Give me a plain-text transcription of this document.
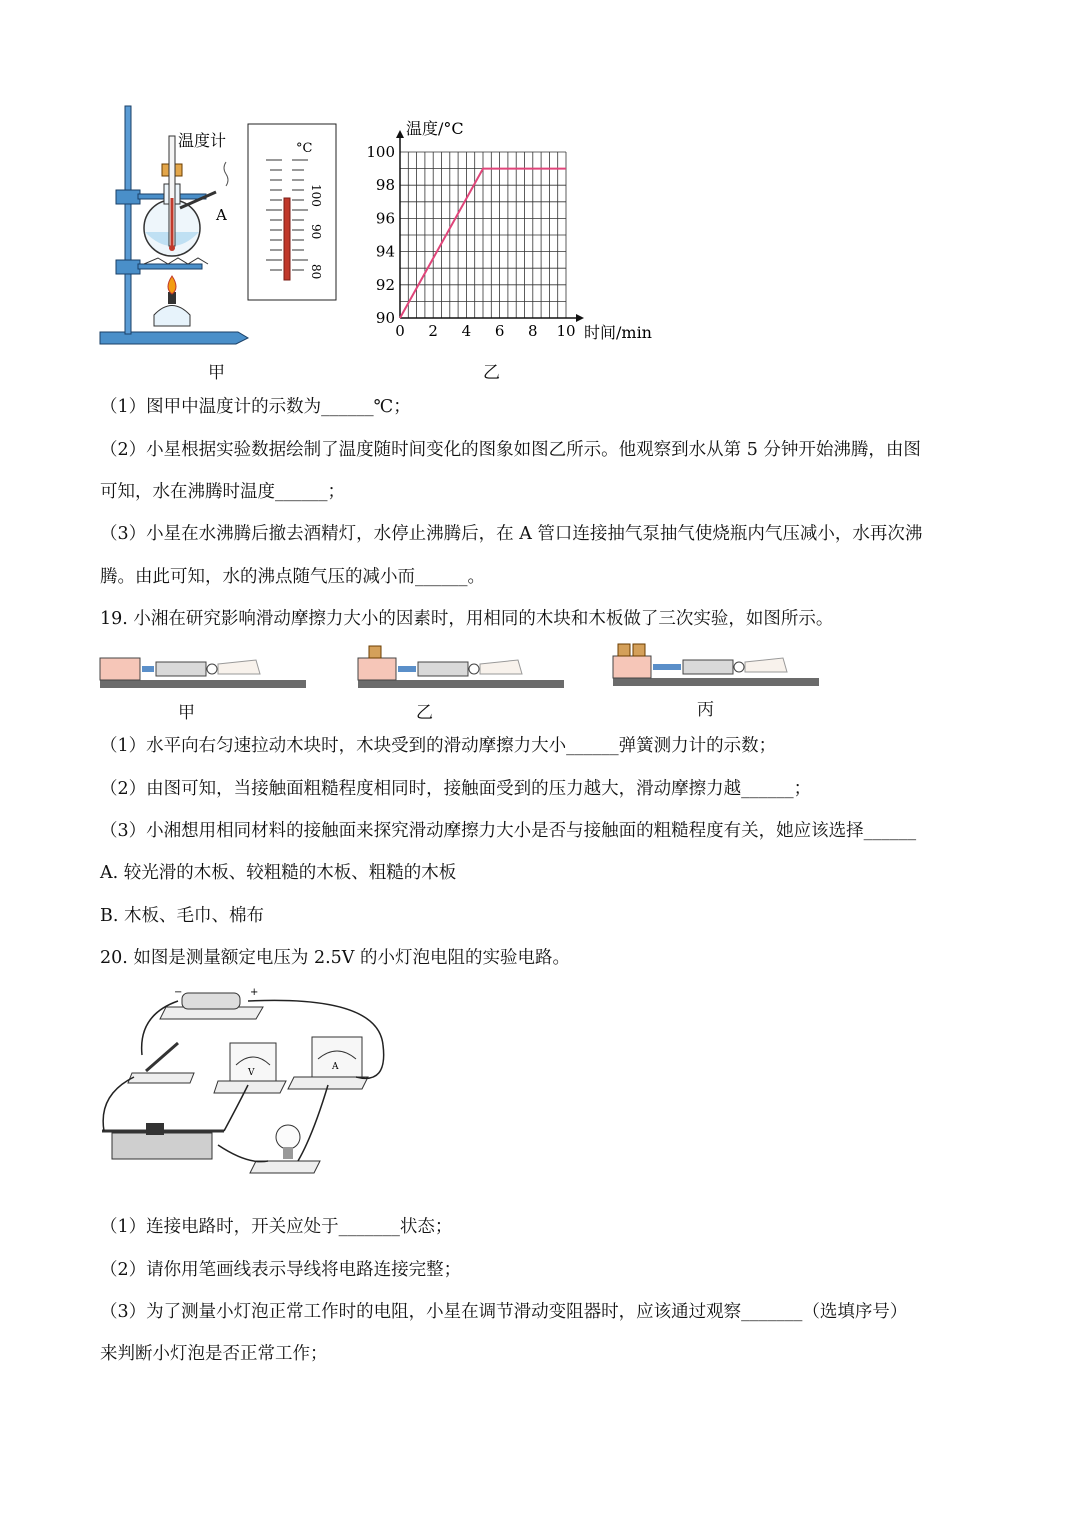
A
温度计	°C
100
90
80
甲
0 2 4 6 8 10
90
92
94
96
98
100
温度/°C
时间/min
乙
（1）图甲中温度计的示数为______℃；
（2）小星根据实验数据绘制了温度随时间变化的图象如图乙所示。他观察到水从第 5 分钟开始沸腾，由图
可知，水在沸腾时温度______；
（3）小星在水沸腾后撤去酒精灯，水停止沸腾后，在 A 管口连接抽气泵抽气使烧瓶内气压减小，水再次沸
腾。由此可知，水的沸点随气压的减小而______。
19. 小湘在研究影响滑动摩擦力大小的因素时，用相同的木块和木板做了三次实验，如图所示。
甲	乙	丙
（1）水平向右匀速拉动木块时，木块受到的滑动摩擦力大小______弹簧测力计的示数；
（2）由图可知，当接触面粗糙程度相同时，接触面受到的压力越大，滑动摩擦力越______；
（3）小湘想用相同材料的接触面来探究滑动摩擦力大小是否与接触面的粗糙程度有关，她应该选择______
A. 较光滑的木板、较粗糙的木板、粗糙的木板
B. 木板、毛巾、棉布
20. 如图是测量额定电压为 2.5V 的小灯泡电阻的实验电路。
−	+
V
A
（1）连接电路时，开关应处于_______状态；
（2）请你用笔画线表示导线将电路连接完整；
（3）为了测量小灯泡正常工作时的电阻，小星在调节滑动变阻器时，应该通过观察_______（选填序号）
来判断小灯泡是否正常工作；
